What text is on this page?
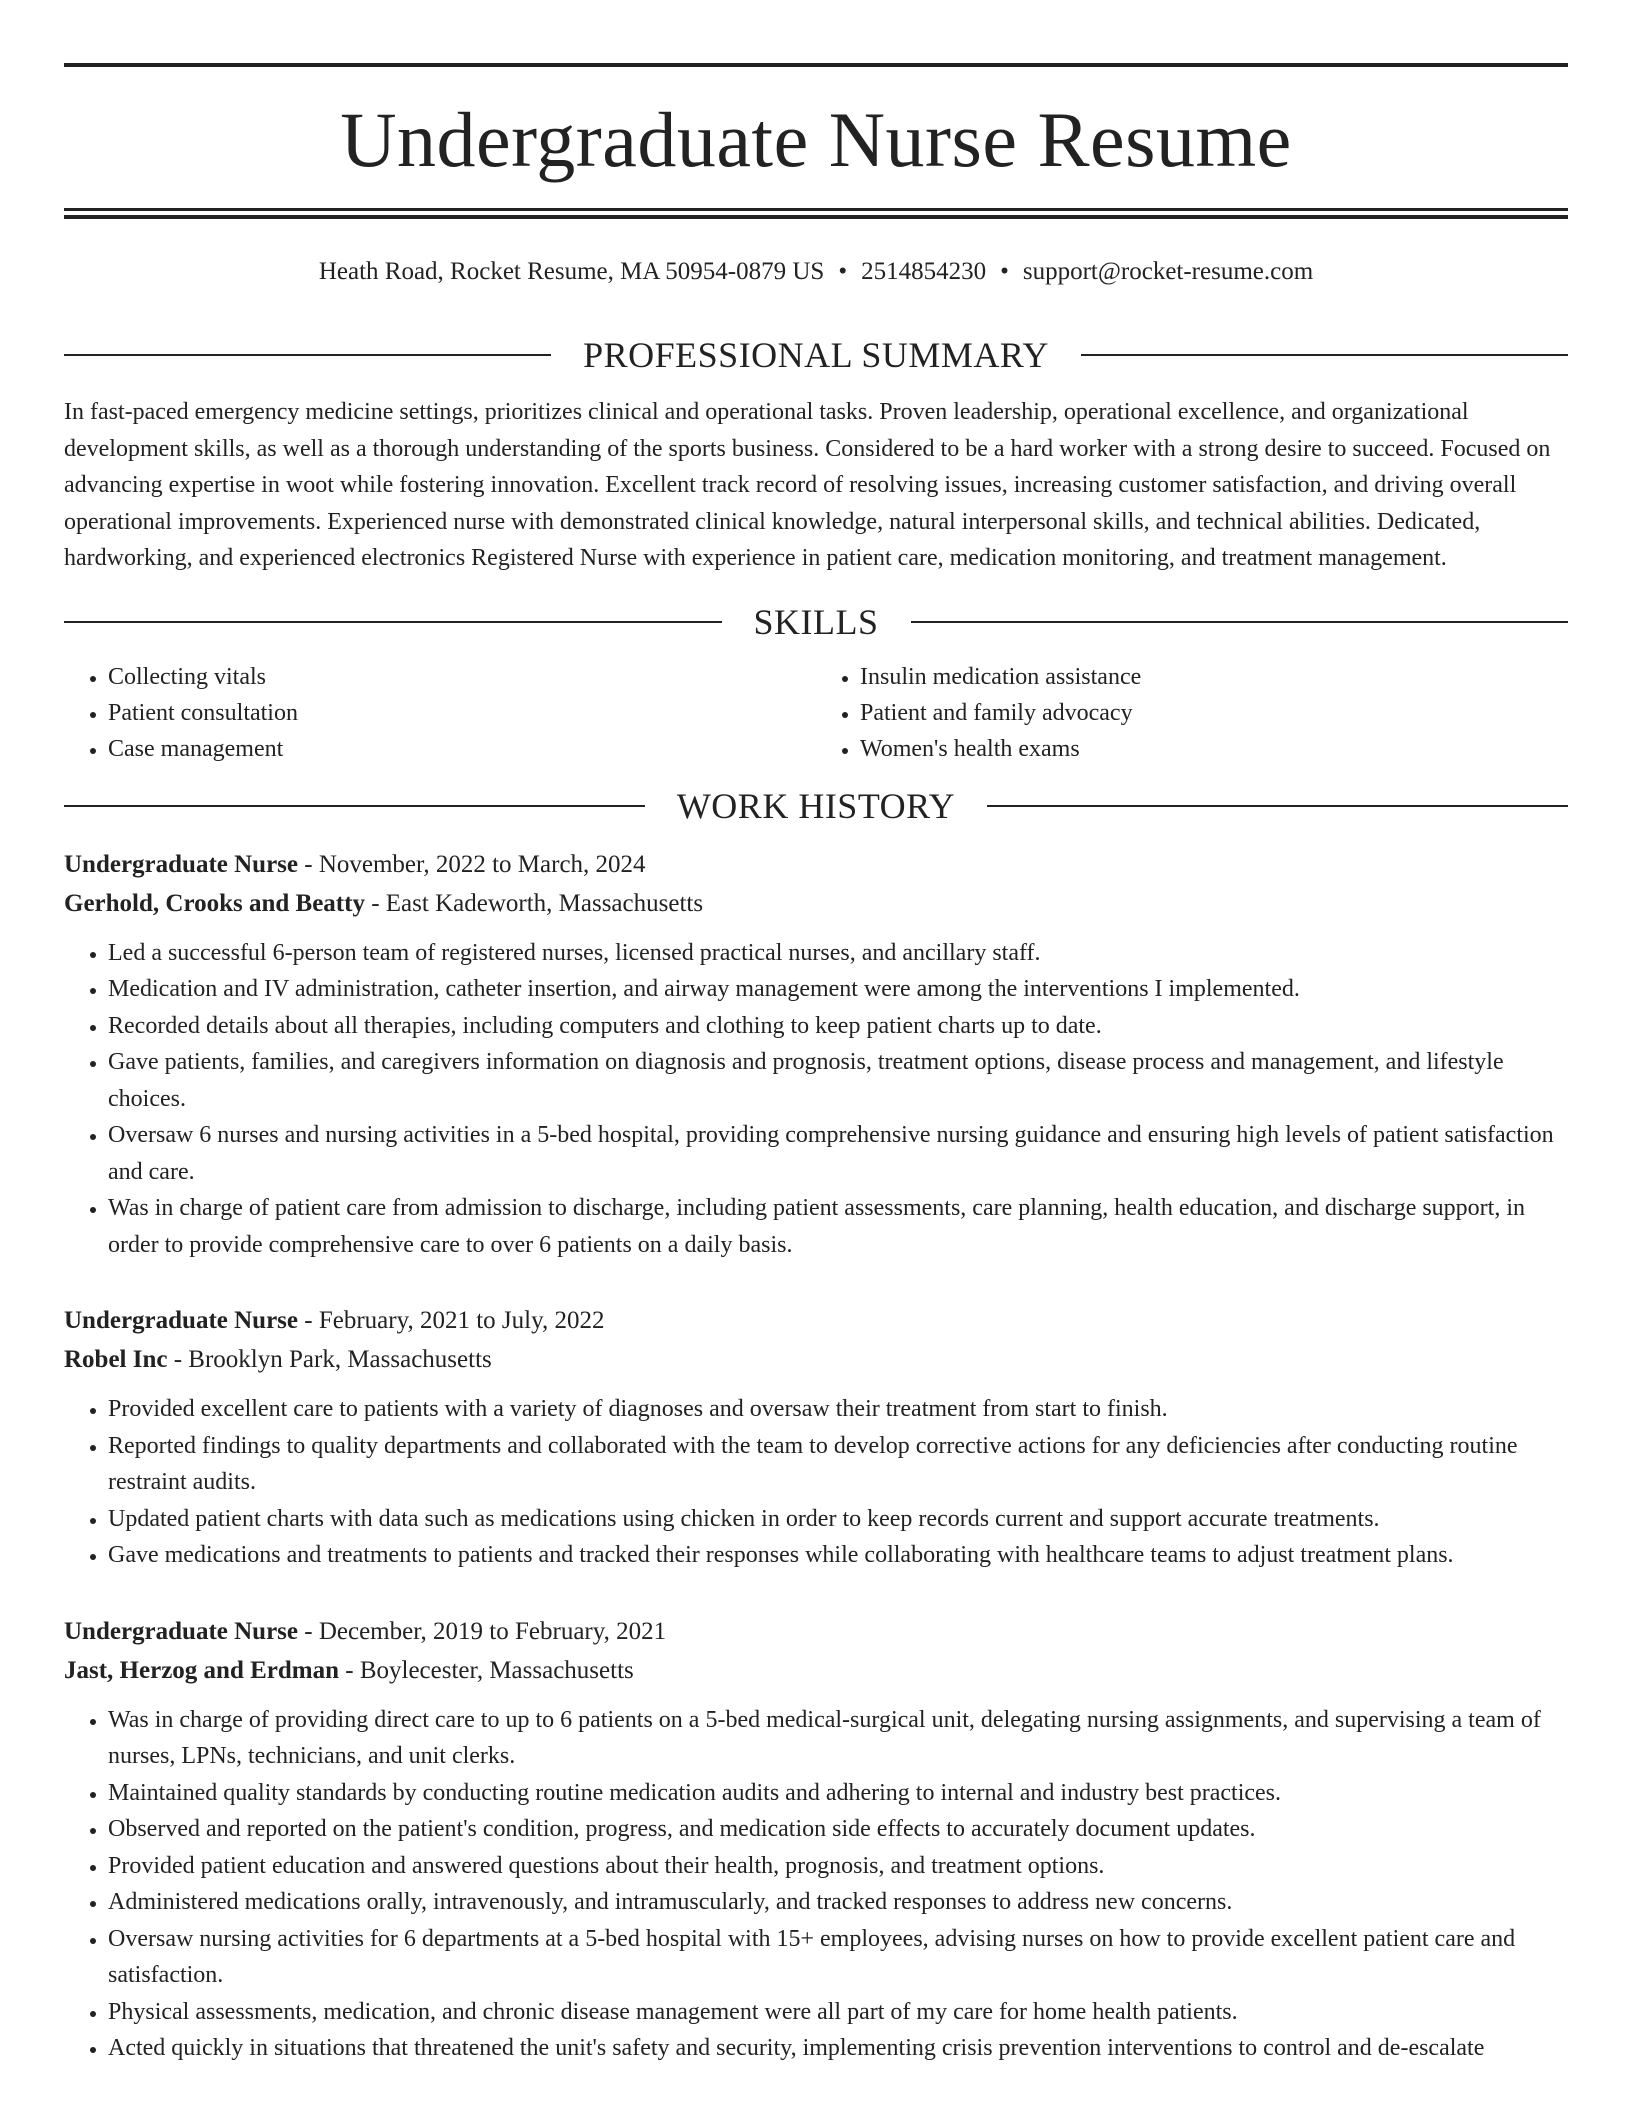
Undergraduate Nurse Resume
Heath Road, Rocket Resume, MA 50954-0879 US • 2514854230 • support@rocket-resume.com
PROFESSIONAL SUMMARY

In fast-paced emergency medicine settings, prioritizes clinical and operational tasks. Proven leadership, operational excellence, and organizational development skills, as well as a thorough understanding of the sports business. Considered to be a hard worker with a strong desire to succeed. Focused on advancing expertise in woot while fostering innovation. Excellent track record of resolving issues, increasing customer satisfaction, and driving overall operational improvements. Experienced nurse with demonstrated clinical knowledge, natural interpersonal skills, and technical abilities. Dedicated, hardworking, and experienced electronics Registered Nurse with experience in patient care, medication monitoring, and treatment management.

SKILLS
• Collecting vitals
• Patient consultation
• Case management
• Insulin medication assistance
• Patient and family advocacy
• Women's health exams
WORK HISTORY
Undergraduate Nurse - November, 2022 to March, 2024
Gerhold, Crooks and Beatty - East Kadeworth, Massachusetts
• Led a successful 6-person team of registered nurses, licensed practical nurses, and ancillary staff.
• Medication and IV administration, catheter insertion, and airway management were among the interventions I implemented.
• Recorded details about all therapies, including computers and clothing to keep patient charts up to date.
• Gave patients, families, and caregivers information on diagnosis and prognosis, treatment options, disease process and management, and lifestyle choices.
• Oversaw 6 nurses and nursing activities in a 5-bed hospital, providing comprehensive nursing guidance and ensuring high levels of patient satisfaction and care.
• Was in charge of patient care from admission to discharge, including patient assessments, care planning, health education, and discharge support, in order to provide comprehensive care to over 6 patients on a daily basis.
Undergraduate Nurse - February, 2021 to July, 2022
Robel Inc - Brooklyn Park, Massachusetts
• Provided excellent care to patients with a variety of diagnoses and oversaw their treatment from start to finish.
• Reported findings to quality departments and collaborated with the team to develop corrective actions for any deficiencies after conducting routine restraint audits.
• Updated patient charts with data such as medications using chicken in order to keep records current and support accurate treatments.
• Gave medications and treatments to patients and tracked their responses while collaborating with healthcare teams to adjust treatment plans.
Undergraduate Nurse - December, 2019 to February, 2021
Jast, Herzog and Erdman - Boylecester, Massachusetts
• Was in charge of providing direct care to up to 6 patients on a 5-bed medical-surgical unit, delegating nursing assignments, and supervising a team of nurses, LPNs, technicians, and unit clerks.
• Maintained quality standards by conducting routine medication audits and adhering to internal and industry best practices.
• Observed and reported on the patient's condition, progress, and medication side effects to accurately document updates.
• Provided patient education and answered questions about their health, prognosis, and treatment options.
• Administered medications orally, intravenously, and intramuscularly, and tracked responses to address new concerns.
• Oversaw nursing activities for 6 departments at a 5-bed hospital with 15+ employees, advising nurses on how to provide excellent patient care and satisfaction.
• Physical assessments, medication, and chronic disease management were all part of my care for home health patients.
• Acted quickly in situations that threatened the unit's safety and security, implementing crisis prevention interventions to control and de-escalate
